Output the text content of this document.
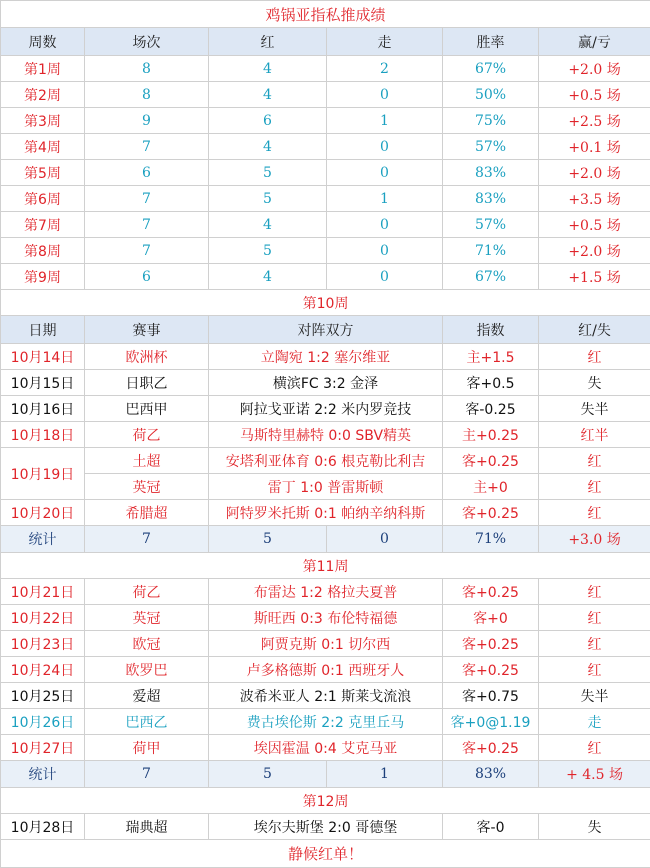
鸡锅亚指私推成绩					
周数	场次	红	走	胜率	赢/亏
第1周	8	4	2	67%	+2.0 场
第2周	8	4	0	50%	+0.5 场
第3周	9	6	1	75%	+2.5 场
第4周	7	4	0	57%	+0.1 场
第5周	6	5	0	83%	+2.0 场
第6周	7	5	1	83%	+3.5 场
第7周	7	4	0	57%	+0.5 场
第8周	7	5	0	71%	+2.0 场
第9周	6	4	0	67%	+1.5 场
第10周					
日期	赛事	对阵双方		指数	红/失
10月14日	欧洲杯	立陶宛 1:2 塞尔维亚		主+1.5	红
10月15日	日职乙	横滨FC 3:2 金泽		客+0.5	失
10月16日	巴西甲	阿拉戈亚诺 2:2 米内罗竞技		客-0.25	失半
10月18日	荷乙	马斯特里赫特 0:0 SBV精英		主+0.25	红半
10月19日	土超	安塔利亚体育 0:6 根克勒比利吉		客+0.25	红
	英冠	雷丁 1:0 普雷斯顿		主+0	红
10月20日	希腊超	阿特罗米托斯 0:1 帕纳辛纳科斯		客+0.25	红
统计	7	5	0	71%	+3.0 场
第11周					
10月21日	荷乙	布雷达 1:2 格拉夫夏普		客+0.25	红
10月22日	英冠	斯旺西 0:3 布伦特福德		客+0	红
10月23日	欧冠	阿贾克斯 0:1 切尔西		客+0.25	红
10月24日	欧罗巴	卢多格德斯 0:1 西班牙人		客+0.25	红
10月25日	爱超	波希米亚人 2:1 斯莱戈流浪		客+0.75	失半
10月26日	巴西乙	费古埃伦斯 2:2 克里丘马		客+0@1.19	走
10月27日	荷甲	埃因霍温 0:4 艾克马亚		客+0.25	红
统计	7	5	1	83%	+ 4.5 场
第12周					
10月28日	瑞典超	埃尔夫斯堡 2:0 哥德堡		客-0	失
静候红单！					
